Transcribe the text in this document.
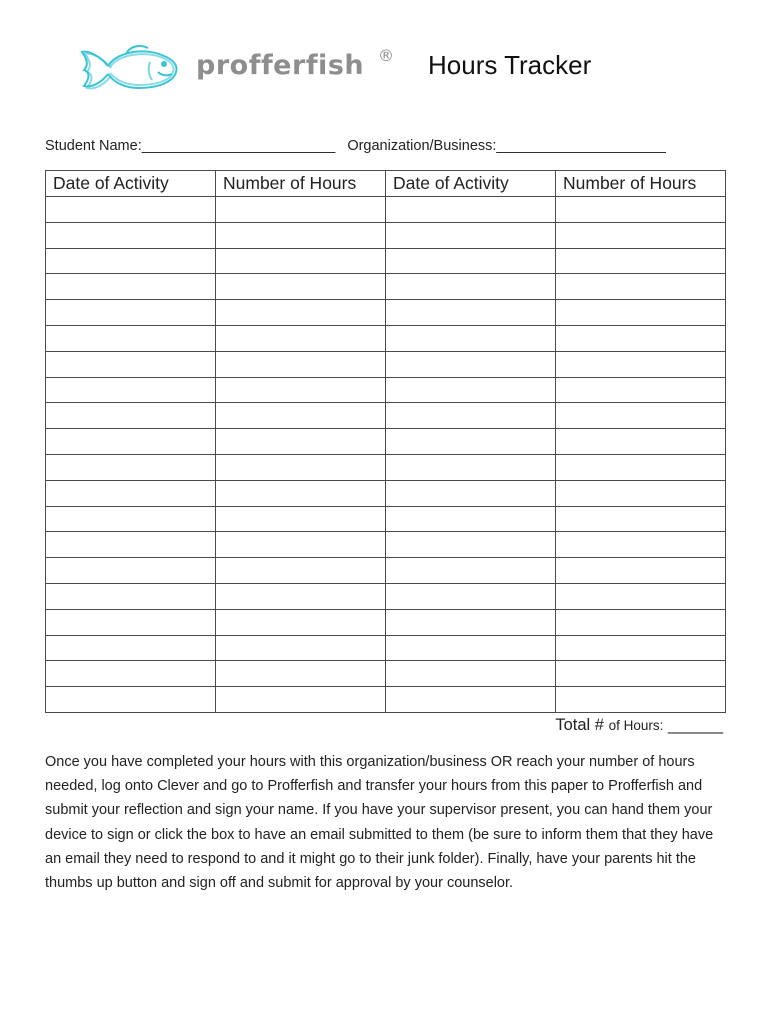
profferfish ® Hours Tracker
Student Name:________________________ Organization/Business:_____________________
Date of Activity	Number of Hours	Date of Activity	Number of Hours

Total # of Hours: ______
Once you have completed your hours with this organization/business OR reach your number of hours needed, log onto Clever and go to Profferfish and transfer your hours from this paper to Profferfish and submit your reflection and sign your name. If you have your supervisor present, you can hand them your device to sign or click the box to have an email submitted to them (be sure to inform them that they have an email they need to respond to and it might go to their junk folder). Finally, have your parents hit the thumbs up button and sign off and submit for approval by your counselor.
